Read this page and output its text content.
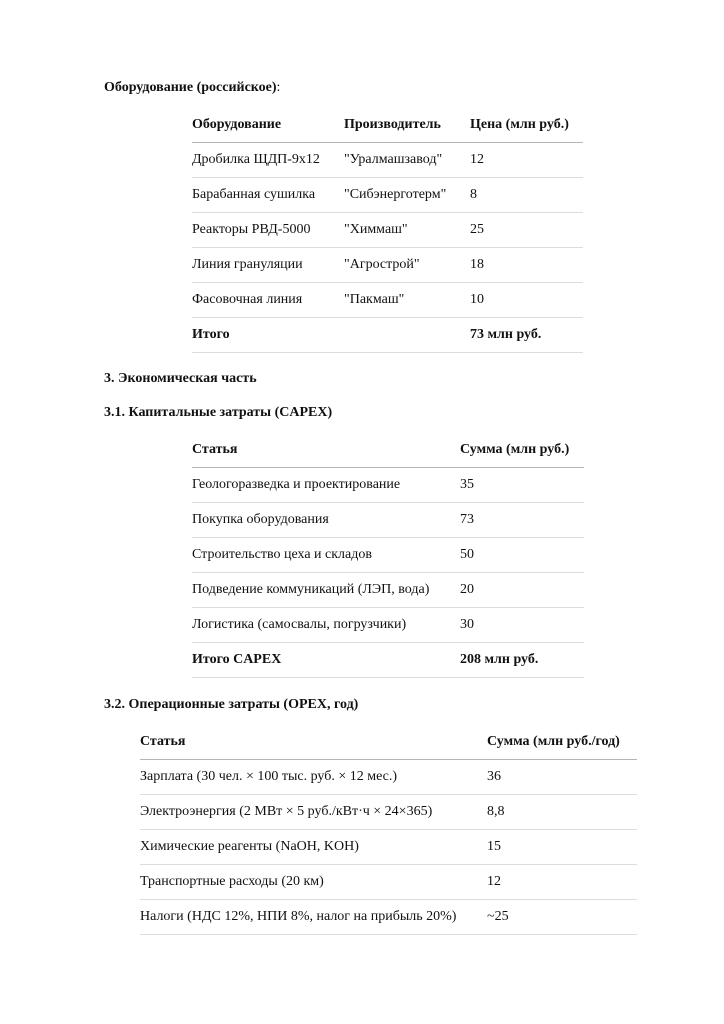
Оборудование (российское):
Оборудование	Производитель	Цена (млн руб.)
Дробилка ЩДП-9x12	"Уралмашзавод"	12
Барабанная сушилка	"Сибэнерготерм"	8
Реакторы РВД-5000	"Химмаш"	25
Линия грануляции	"Агрострой"	18
Фасовочная линия	"Пакмаш"	10
Итого		73 млн руб.
3. Экономическая часть
3.1. Капитальные затраты (CAPEX)
Статья	Сумма (млн руб.)
Геологоразведка и проектирование	35
Покупка оборудования	73
Строительство цеха и складов	50
Подведение коммуникаций (ЛЭП, вода)	20
Логистика (самосвалы, погрузчики)	30
Итого CAPEX	208 млн руб.
3.2. Операционные затраты (OPEX, год)
Статья	Сумма (млн руб./год)
Зарплата (30 чел. × 100 тыс. руб. × 12 мес.)	36
Электроэнергия (2 МВт × 5 руб./кВт·ч × 24×365)	8,8
Химические реагенты (NaOH, KOH)	15
Транспортные расходы (20 км)	12
Налоги (НДС 12%, НПИ 8%, налог на прибыль 20%)	~25
